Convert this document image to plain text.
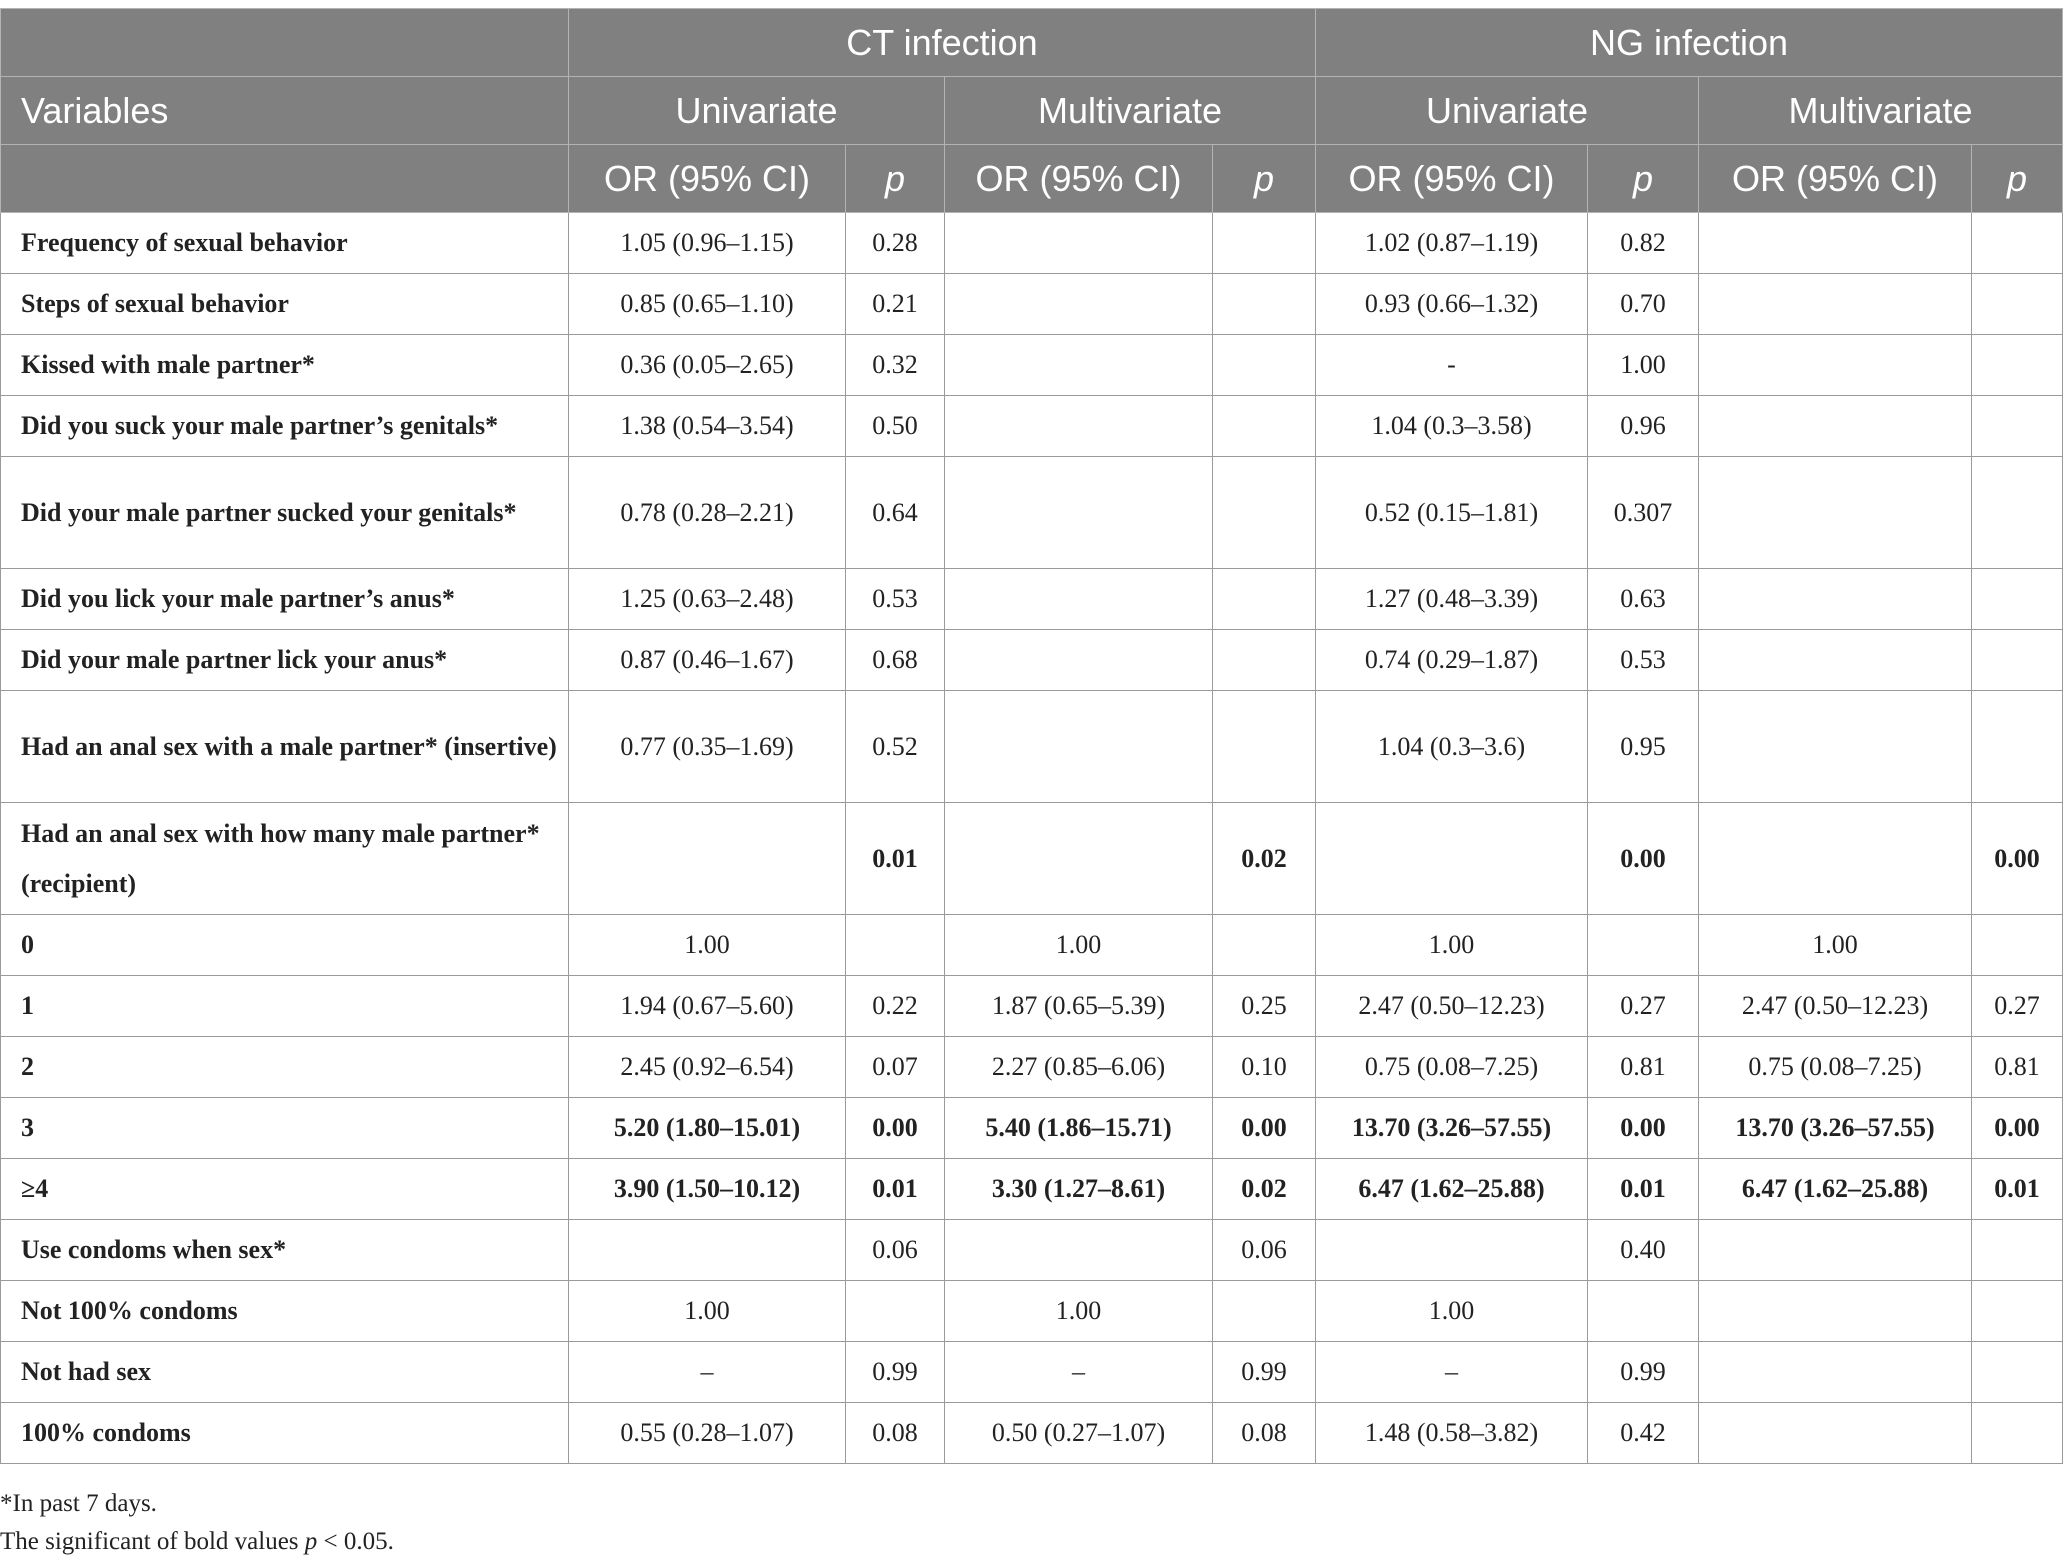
	CT infection				NG infection			
Variables	Univariate		Multivariate		Univariate		Multivariate	
	OR (95% CI)	p	OR (95% CI)	p	OR (95% CI)	p	OR (95% CI)	p
Frequency of sexual behavior	1.05 (0.96–1.15)	0.28			1.02 (0.87–1.19)	0.82		
Steps of sexual behavior	0.85 (0.65–1.10)	0.21			0.93 (0.66–1.32)	0.70		
Kissed with male partner*	0.36 (0.05–2.65)	0.32			-	1.00		
Did you suck your male partner’s genitals*	1.38 (0.54–3.54)	0.50			1.04 (0.3–3.58)	0.96		
Did your male partner sucked your genitals*	0.78 (0.28–2.21)	0.64			0.52 (0.15–1.81)	0.307		
Did you lick your male partner’s anus*	1.25 (0.63–2.48)	0.53			1.27 (0.48–3.39)	0.63		
Did your male partner lick your anus*	0.87 (0.46–1.67)	0.68			0.74 (0.29–1.87)	0.53		
Had an anal sex with a male partner* (insertive)	0.77 (0.35–1.69)	0.52			1.04 (0.3–3.6)	0.95		
Had an anal sex with how many male partner* (recipient)		0.01		0.02		0.00		0.00
0	1.00		1.00		1.00		1.00	
1	1.94 (0.67–5.60)	0.22	1.87 (0.65–5.39)	0.25	2.47 (0.50–12.23)	0.27	2.47 (0.50–12.23)	0.27
2	2.45 (0.92–6.54)	0.07	2.27 (0.85–6.06)	0.10	0.75 (0.08–7.25)	0.81	0.75 (0.08–7.25)	0.81
3	5.20 (1.80–15.01)	0.00	5.40 (1.86–15.71)	0.00	13.70 (3.26–57.55)	0.00	13.70 (3.26–57.55)	0.00
≥4	3.90 (1.50–10.12)	0.01	3.30 (1.27–8.61)	0.02	6.47 (1.62–25.88)	0.01	6.47 (1.62–25.88)	0.01
Use condoms when sex*		0.06		0.06		0.40		
Not 100% condoms	1.00		1.00		1.00			
Not had sex	–	0.99	–	0.99	–	0.99		
100% condoms	0.55 (0.28–1.07)	0.08	0.50 (0.27–1.07)	0.08	1.48 (0.58–3.82)	0.42		
*In past 7 days.
The significant of bold values p < 0.05.
